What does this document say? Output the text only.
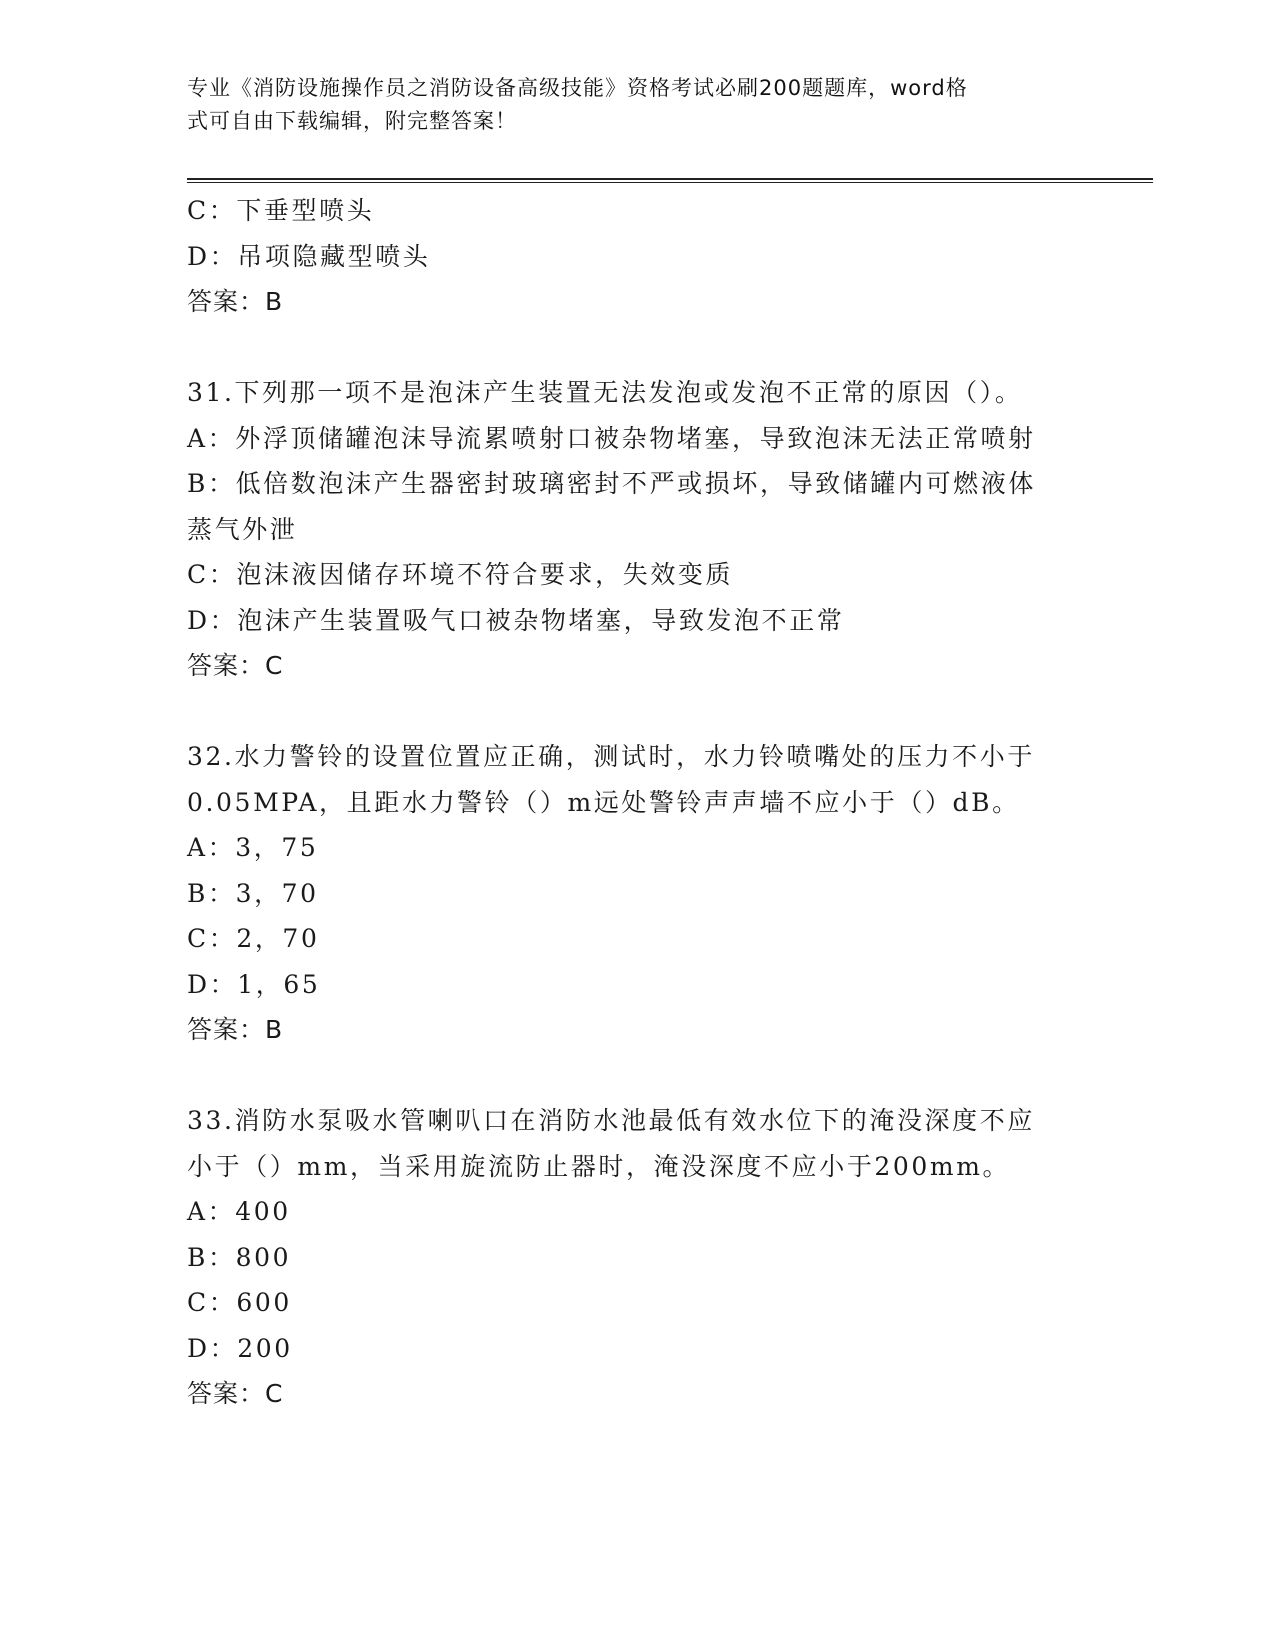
专业《消防设施操作员之消防设备高级技能》资格考试必刷200题题库，word格
式可自由下载编辑，附完整答案！
C：下垂型喷头
D：吊项隐藏型喷头
答案：B
31.下列那一项不是泡沫产生装置无法发泡或发泡不正常的原因（）。
A：外浮顶储罐泡沫导流累喷射口被杂物堵塞，导致泡沫无法正常喷射
B：低倍数泡沫产生器密封玻璃密封不严或损坏，导致储罐内可燃液体
蒸气外泄
C：泡沫液因储存环境不符合要求，失效变质
D：泡沫产生装置吸气口被杂物堵塞，导致发泡不正常
答案：C
32.水力警铃的设置位置应正确，测试时，水力铃喷嘴处的压力不小于
0.05MPA，且距水力警铃（）m远处警铃声声墙不应小于（）dB。
A：3，75
B：3，70
C：2，70
D：1，65
答案：B
33.消防水泵吸水管喇叭口在消防水池最低有效水位下的淹没深度不应
小于（）mm，当采用旋流防止器时，淹没深度不应小于200mm。
A：400
B：800
C：600
D：200
答案：C
